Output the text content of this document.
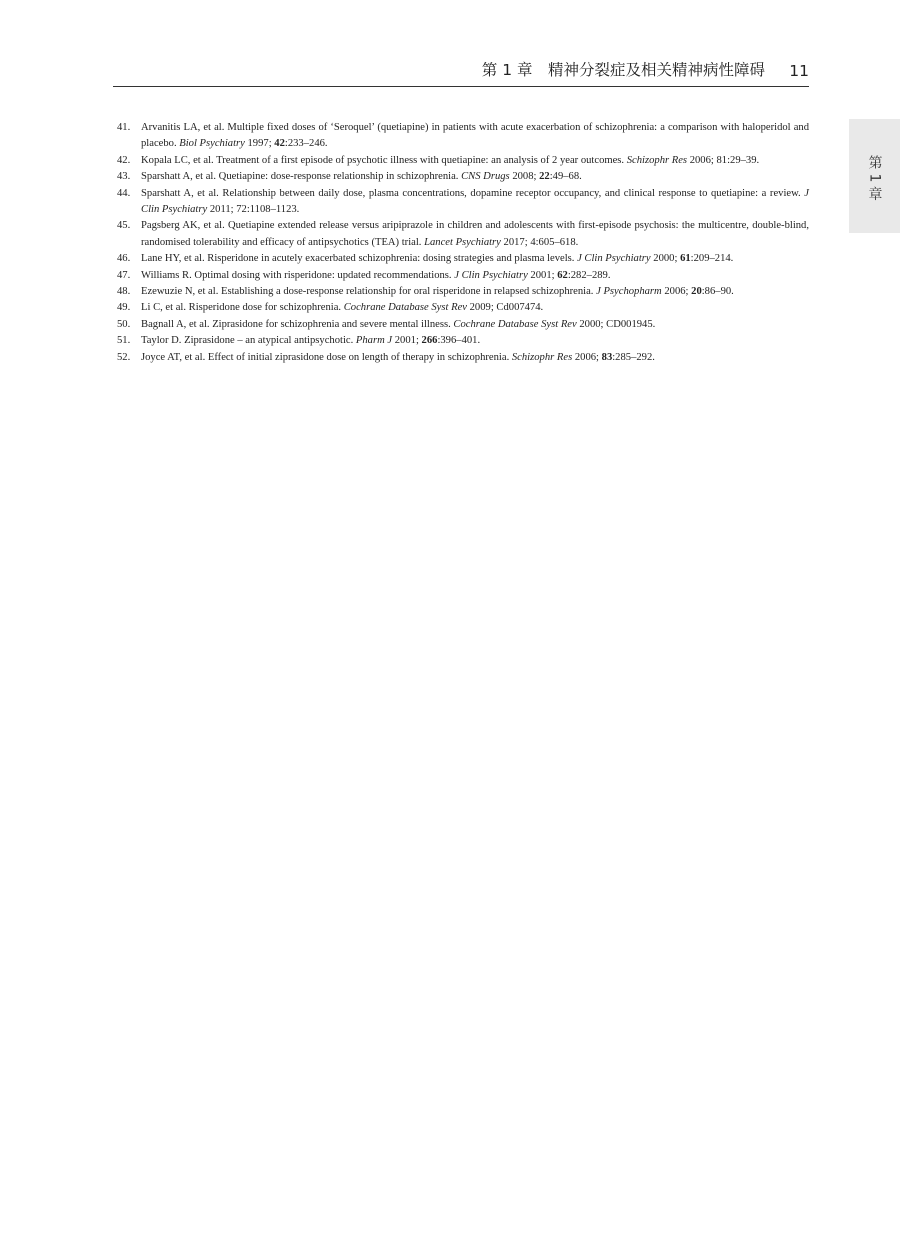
第 1 章　精神分裂症及相关精神病性障碍 11
第 1 章
41. Arvanitis LA, et al. Multiple fixed doses of ‘Seroquel’ (quetiapine) in patients with acute exacerbation of schizophrenia: a comparison with haloperidol and placebo. Biol Psychiatry 1997; 42:233–246.
42. Kopala LC, et al. Treatment of a first episode of psychotic illness with quetiapine: an analysis of 2 year outcomes. Schizophr Res 2006; 81:29–39.
43. Sparshatt A, et al. Quetiapine: dose-response relationship in schizophrenia. CNS Drugs 2008; 22:49–68.
44. Sparshatt A, et al. Relationship between daily dose, plasma concentrations, dopamine receptor occupancy, and clinical response to quetiapine: a review. J Clin Psychiatry 2011; 72:1108–1123.
45. Pagsberg AK, et al. Quetiapine extended release versus aripiprazole in children and adolescents with first-episode psychosis: the multicentre, double-blind, randomised tolerability and efficacy of antipsychotics (TEA) trial. Lancet Psychiatry 2017; 4:605–618.
46. Lane HY, et al. Risperidone in acutely exacerbated schizophrenia: dosing strategies and plasma levels. J Clin Psychiatry 2000; 61:209–214.
47. Williams R. Optimal dosing with risperidone: updated recommendations. J Clin Psychiatry 2001; 62:282–289.
48. Ezewuzie N, et al. Establishing a dose-response relationship for oral risperidone in relapsed schizophrenia. J Psychopharm 2006; 20:86–90.
49. Li C, et al. Risperidone dose for schizophrenia. Cochrane Database Syst Rev 2009; Cd007474.
50. Bagnall A, et al. Ziprasidone for schizophrenia and severe mental illness. Cochrane Database Syst Rev 2000; CD001945.
51. Taylor D. Ziprasidone – an atypical antipsychotic. Pharm J 2001; 266:396–401.
52. Joyce AT, et al. Effect of initial ziprasidone dose on length of therapy in schizophrenia. Schizophr Res 2006; 83:285–292.
